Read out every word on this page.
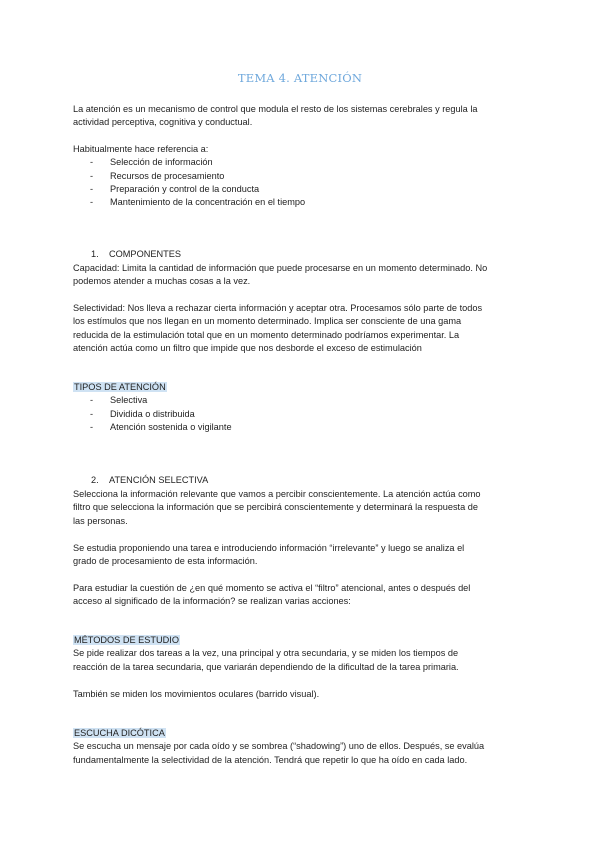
TEMA 4. ATENCIÓN

La atención es un mecanismo de control que modula el resto de los sistemas cerebrales y regula la

actividad perceptiva, cognitiva y conductual.

Habitualmente hace referencia a:

- Selección de información
- Recursos de procesamiento
- Preparación y control de la conducta
- Mantenimiento de la concentración en el tiempo
1. COMPONENTES

Capacidad: Limita la cantidad de información que puede procesarse en un momento determinado. No

podemos atender a muchas cosas a la vez.

Selectividad: Nos lleva a rechazar cierta información y aceptar otra. Procesamos sólo parte de todos

los estímulos que nos llegan en un momento determinado. Implica ser consciente de una gama

reducida de la estimulación total que en un momento determinado podríamos experimentar. La

atención actúa como un filtro que impide que nos desborde el exceso de estimulación

TIPOS DE ATENCIÓN

- Selectiva
- Dividida o distribuida
- Atención sostenida o vigilante
2. ATENCIÓN SELECTIVA

Selecciona la información relevante que vamos a percibir conscientemente. La atención actúa como

filtro que selecciona la información que se percibirá conscientemente y determinará la respuesta de

las personas.

Se estudia proponiendo una tarea e introduciendo información “irrelevante” y luego se analiza el

grado de procesamiento de esta información.

Para estudiar la cuestión de ¿en qué momento se activa el “filtro” atencional, antes o después del

acceso al significado de la información? se realizan varias acciones:

MÉTODOS DE ESTUDIO

Se pide realizar dos tareas a la vez, una principal y otra secundaria, y se miden los tiempos de

reacción de la tarea secundaria, que variarán dependiendo de la dificultad de la tarea primaria.

También se miden los movimientos oculares (barrido visual).

ESCUCHA DICÓTICA

Se escucha un mensaje por cada oído y se sombrea (“shadowing”) uno de ellos. Después, se evalúa

fundamentalmente la selectividad de la atención. Tendrá que repetir lo que ha oído en cada lado.
